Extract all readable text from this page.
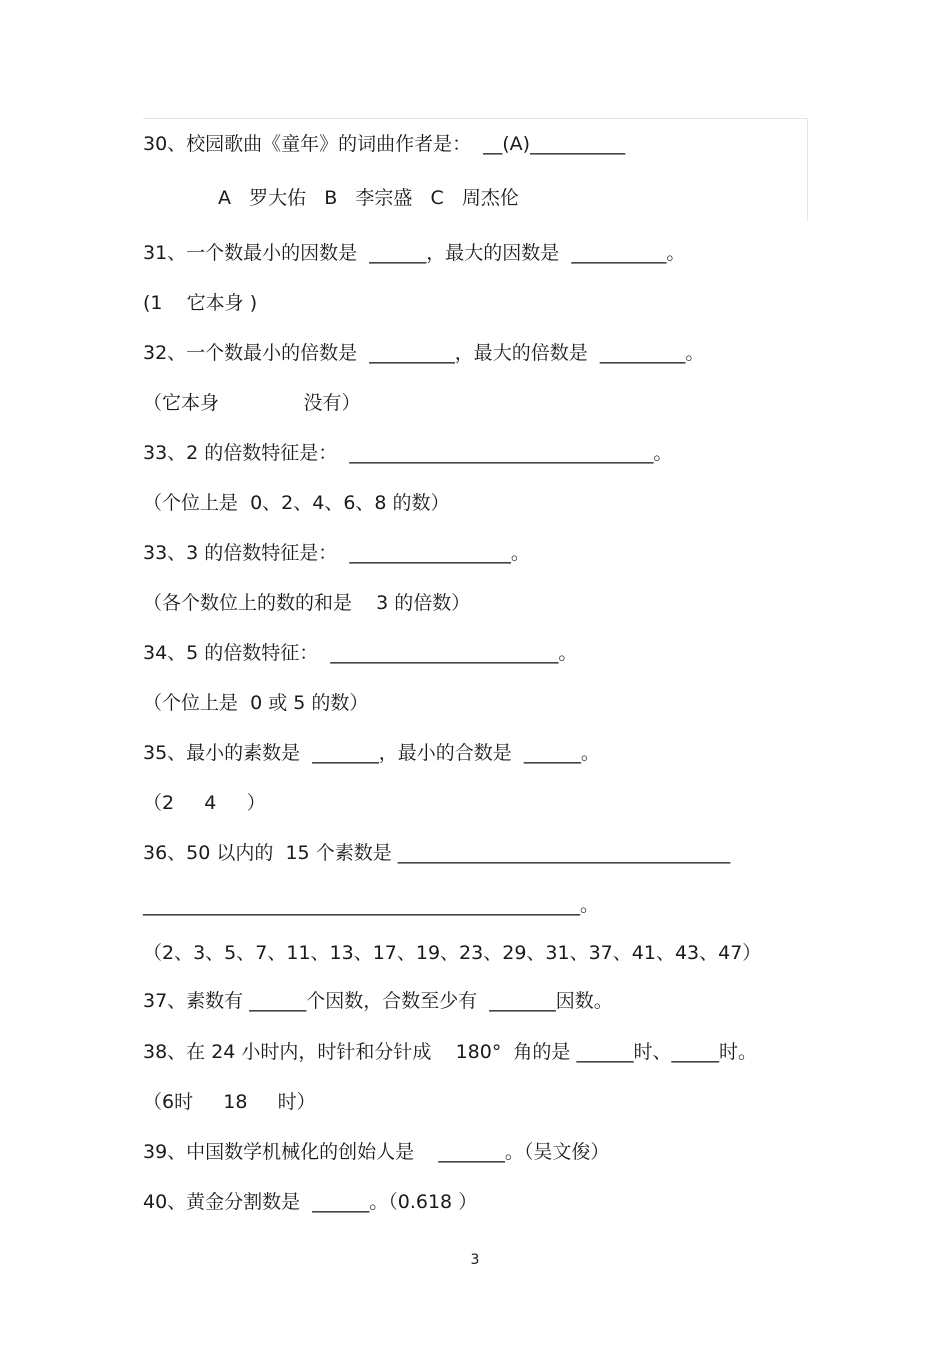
30、校园歌曲《童年》的词曲作者是：  __(A)__________
A   罗大佑   B   李宗盛   C   周杰伦
31、一个数最小的因数是  ______，最大的因数是  __________。
(1    它本身 )
32、一个数最小的倍数是  _________，最大的倍数是  _________。
（它本身              没有）
33、2 的倍数特征是：  ________________________________。
（个位上是  0、2、4、6、8 的数）
33、3 的倍数特征是：  _________________。
（各个数位上的数的和是    3 的倍数）
34、5 的倍数特征：  ________________________。
（个位上是  0 或 5 的数）
35、最小的素数是  _______，最小的合数是  ______。
（2     4     ）
36、50 以内的  15 个素数是 ___________________________________
______________________________________________。
（2、3、5、7、11、13、17、19、23、29、31、37、41、43、47）
37、素数有 ______个因数，合数至少有  _______因数。
38、在 24 小时内，时针和分针成    180°  角的是 ______时、_____时。
（6时     18     时）
39、中国数学机械化的创始人是    _______。（吴文俊）
40、黄金分割数是  ______。（0.618 ）
3
